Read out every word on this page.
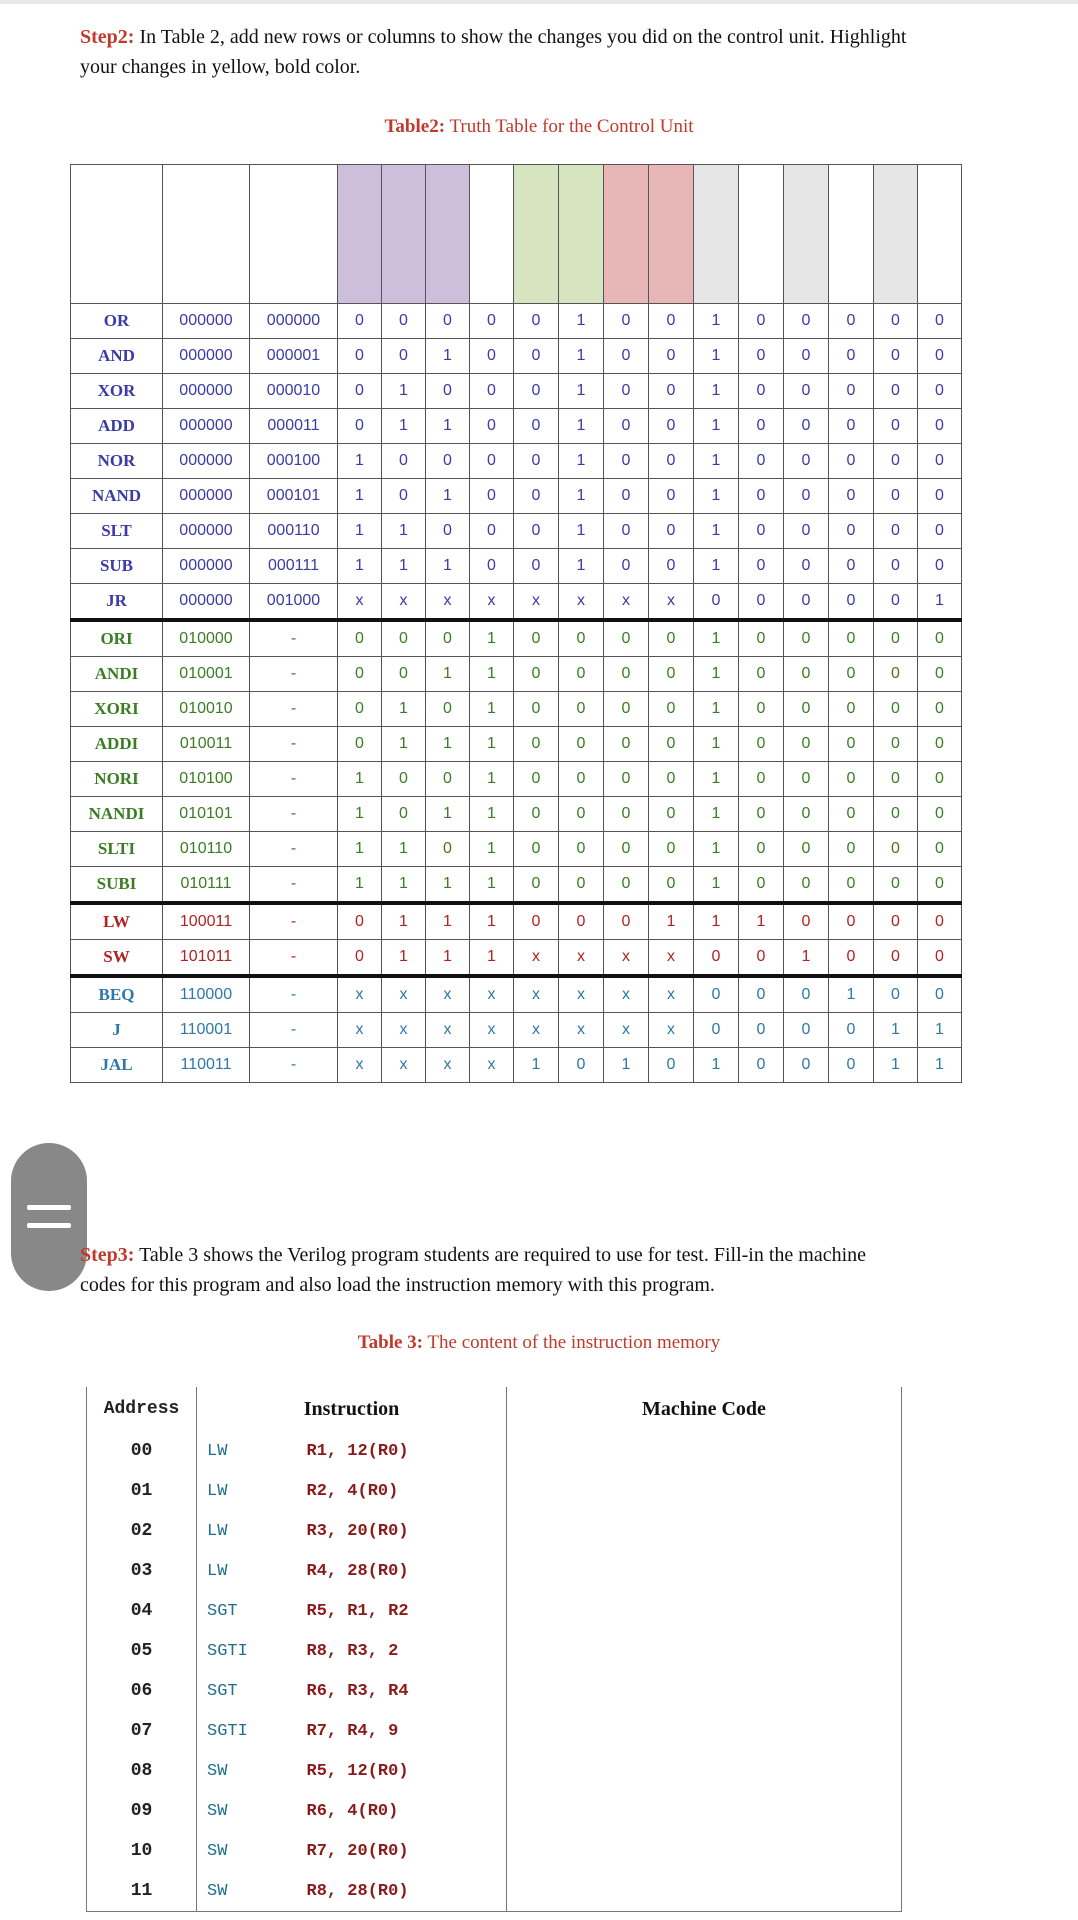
Step2: In Table 2, add new rows or columns to show the changes you did on the control unit. Highlight
your changes in yellow, bold color.

Table2: Truth Table for the Control Unit

OR	000000	000000	0	0	0	0	0	1	0	0	1	0	0	0	0	0
AND	000000	000001	0	0	1	0	0	1	0	0	1	0	0	0	0	0
XOR	000000	000010	0	1	0	0	0	1	0	0	1	0	0	0	0	0
ADD	000000	000011	0	1	1	0	0	1	0	0	1	0	0	0	0	0
NOR	000000	000100	1	0	0	0	0	1	0	0	1	0	0	0	0	0
NAND	000000	000101	1	0	1	0	0	1	0	0	1	0	0	0	0	0
SLT	000000	000110	1	1	0	0	0	1	0	0	1	0	0	0	0	0
SUB	000000	000111	1	1	1	0	0	1	0	0	1	0	0	0	0	0
JR	000000	001000	x	x	x	x	x	x	x	x	0	0	0	0	0	1
ORI	010000	-	0	0	0	1	0	0	0	0	1	0	0	0	0	0
ANDI	010001	-	0	0	1	1	0	0	0	0	1	0	0	0	0	0
XORI	010010	-	0	1	0	1	0	0	0	0	1	0	0	0	0	0
ADDI	010011	-	0	1	1	1	0	0	0	0	1	0	0	0	0	0
NORI	010100	-	1	0	0	1	0	0	0	0	1	0	0	0	0	0
NANDI	010101	-	1	0	1	1	0	0	0	0	1	0	0	0	0	0
SLTI	010110	-	1	1	0	1	0	0	0	0	1	0	0	0	0	0
SUBI	010111	-	1	1	1	1	0	0	0	0	1	0	0	0	0	0
LW	100011	-	0	1	1	1	0	0	0	1	1	1	0	0	0	0
SW	101011	-	0	1	1	1	x	x	x	x	0	0	1	0	0	0
BEQ	110000	-	x	x	x	x	x	x	x	x	0	0	0	1	0	0
J	110001	-	x	x	x	x	x	x	x	x	0	0	0	0	1	1
JAL	110011	-	x	x	x	x	1	0	1	0	1	0	0	0	1	1

Step3: Table 3 shows the Verilog program students are required to use for test. Fill-in the machine
codes for this program and also load the instruction memory with this program.

Table 3: The content of the instruction memory
Address	Instruction		Machine Code
00	LW	R1, 12(R0)	
01	LW	R2, 4(R0)	
02	LW	R3, 20(R0)	
03	LW	R4, 28(R0)	
04	SGT	R5, R1, R2	
05	SGTI	R8, R3, 2	
06	SGT	R6, R3, R4	
07	SGTI	R7, R4, 9	
08	SW	R5, 12(R0)	
09	SW	R6, 4(R0)	
10	SW	R7, 20(R0)	
11	SW	R8, 28(R0)	
